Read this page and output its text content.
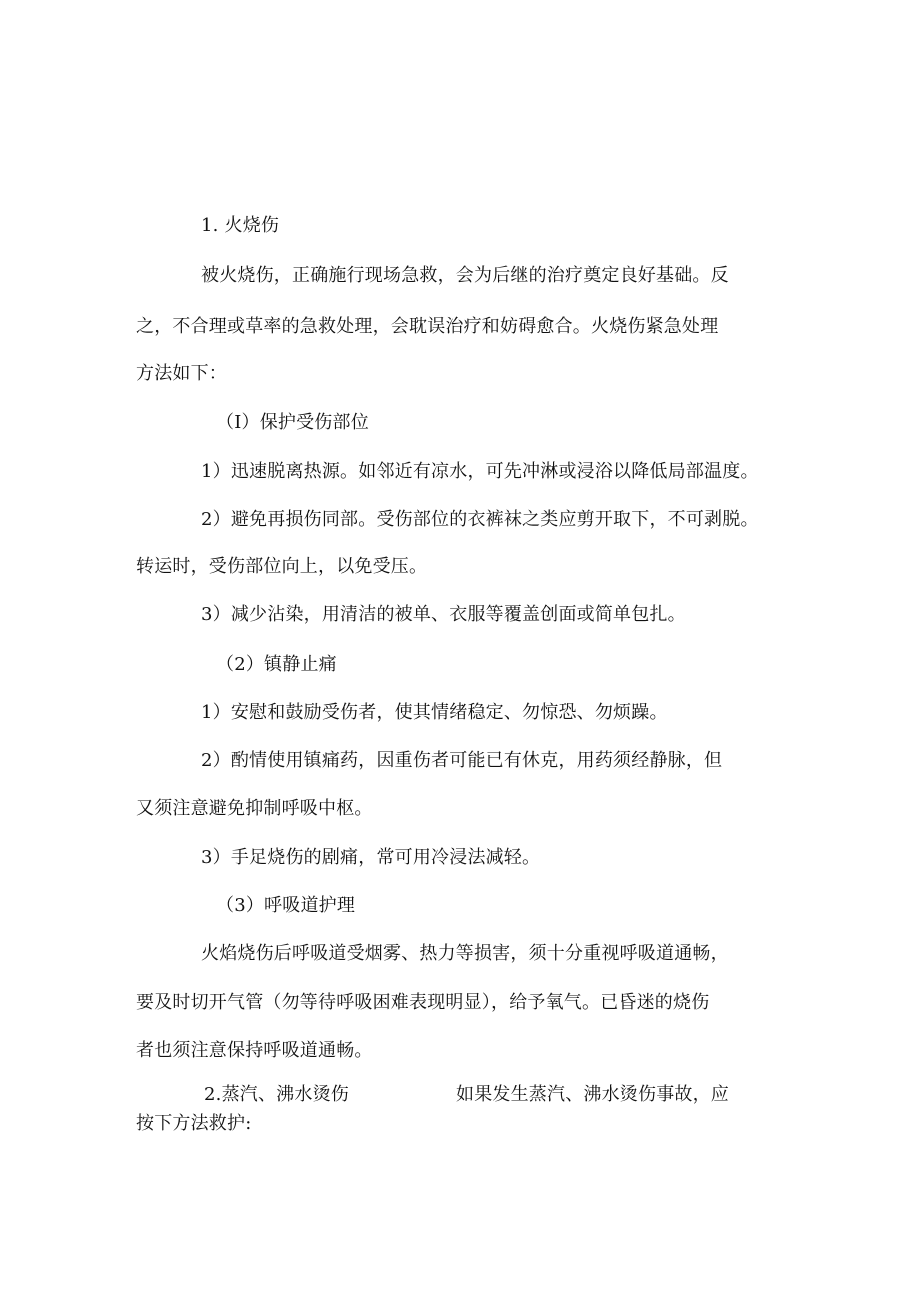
1. 火烧伤
被火烧伤，正确施行现场急救，会为后继的治疗奠定良好基础。反
之，不合理或草率的急救处理，会耽误治疗和妨碍愈合。火烧伤紧急处理
方法如下：
（I）保护受伤部位
1）迅速脱离热源。如邻近有凉水，可先冲淋或浸浴以降低局部温度。
2）避免再损伤同部。受伤部位的衣裤袜之类应剪开取下，不可剥脱。
转运时，受伤部位向上，以免受压。
3）减少沾染，用清洁的被单、衣服等覆盖创面或简单包扎。
（2）镇静止痛
1）安慰和鼓励受伤者，使其情绪稳定、勿惊恐、勿烦躁。
2）酌情使用镇痛药，因重伤者可能已有休克，用药须经静脉，但
又须注意避免抑制呼吸中枢。
3）手足烧伤的剧痛，常可用冷浸法减轻。
（3）呼吸道护理
火焰烧伤后呼吸道受烟雾、热力等损害，须十分重视呼吸道通畅，
要及时切开气管（勿等待呼吸困难表现明显），给予氧气。已昏迷的烧伤
者也须注意保持呼吸道通畅。
2.蒸汽、沸水烫伤	如果发生蒸汽、沸水烫伤事故，应
按下方法救护:
